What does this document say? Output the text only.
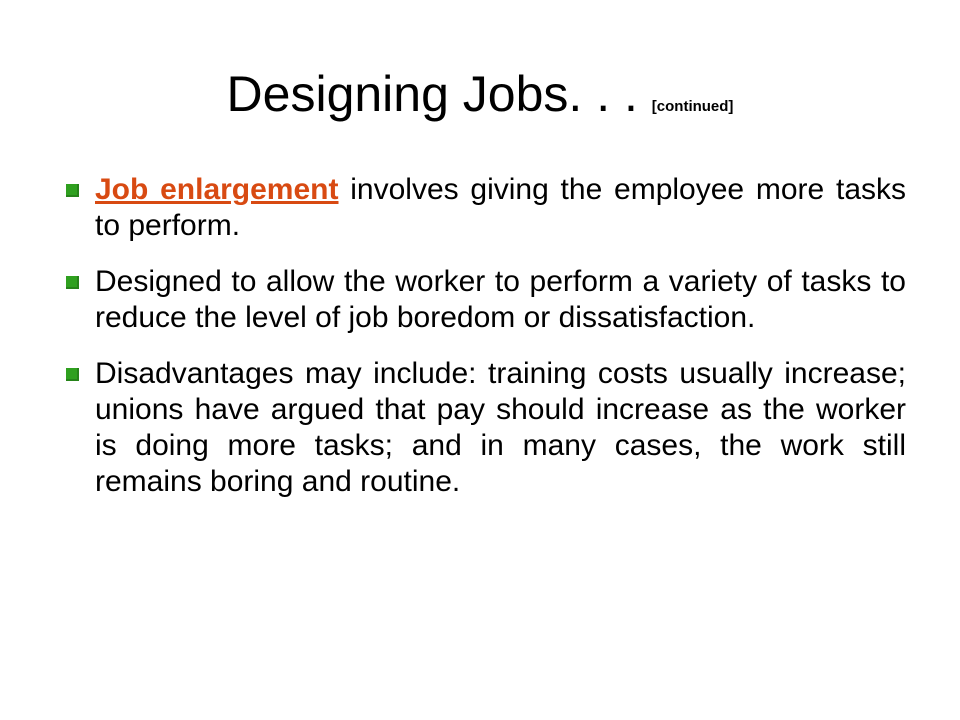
Designing Jobs. . . [continued]
Job enlargement involves giving the employee more tasks to perform.
Designed to allow the worker to perform a variety of tasks to reduce the level of job boredom or dissatisfaction.
Disadvantages may include: training costs usually increase; unions have argued that pay should increase as the worker is doing more tasks; and in many cases, the work still remains boring and routine.
